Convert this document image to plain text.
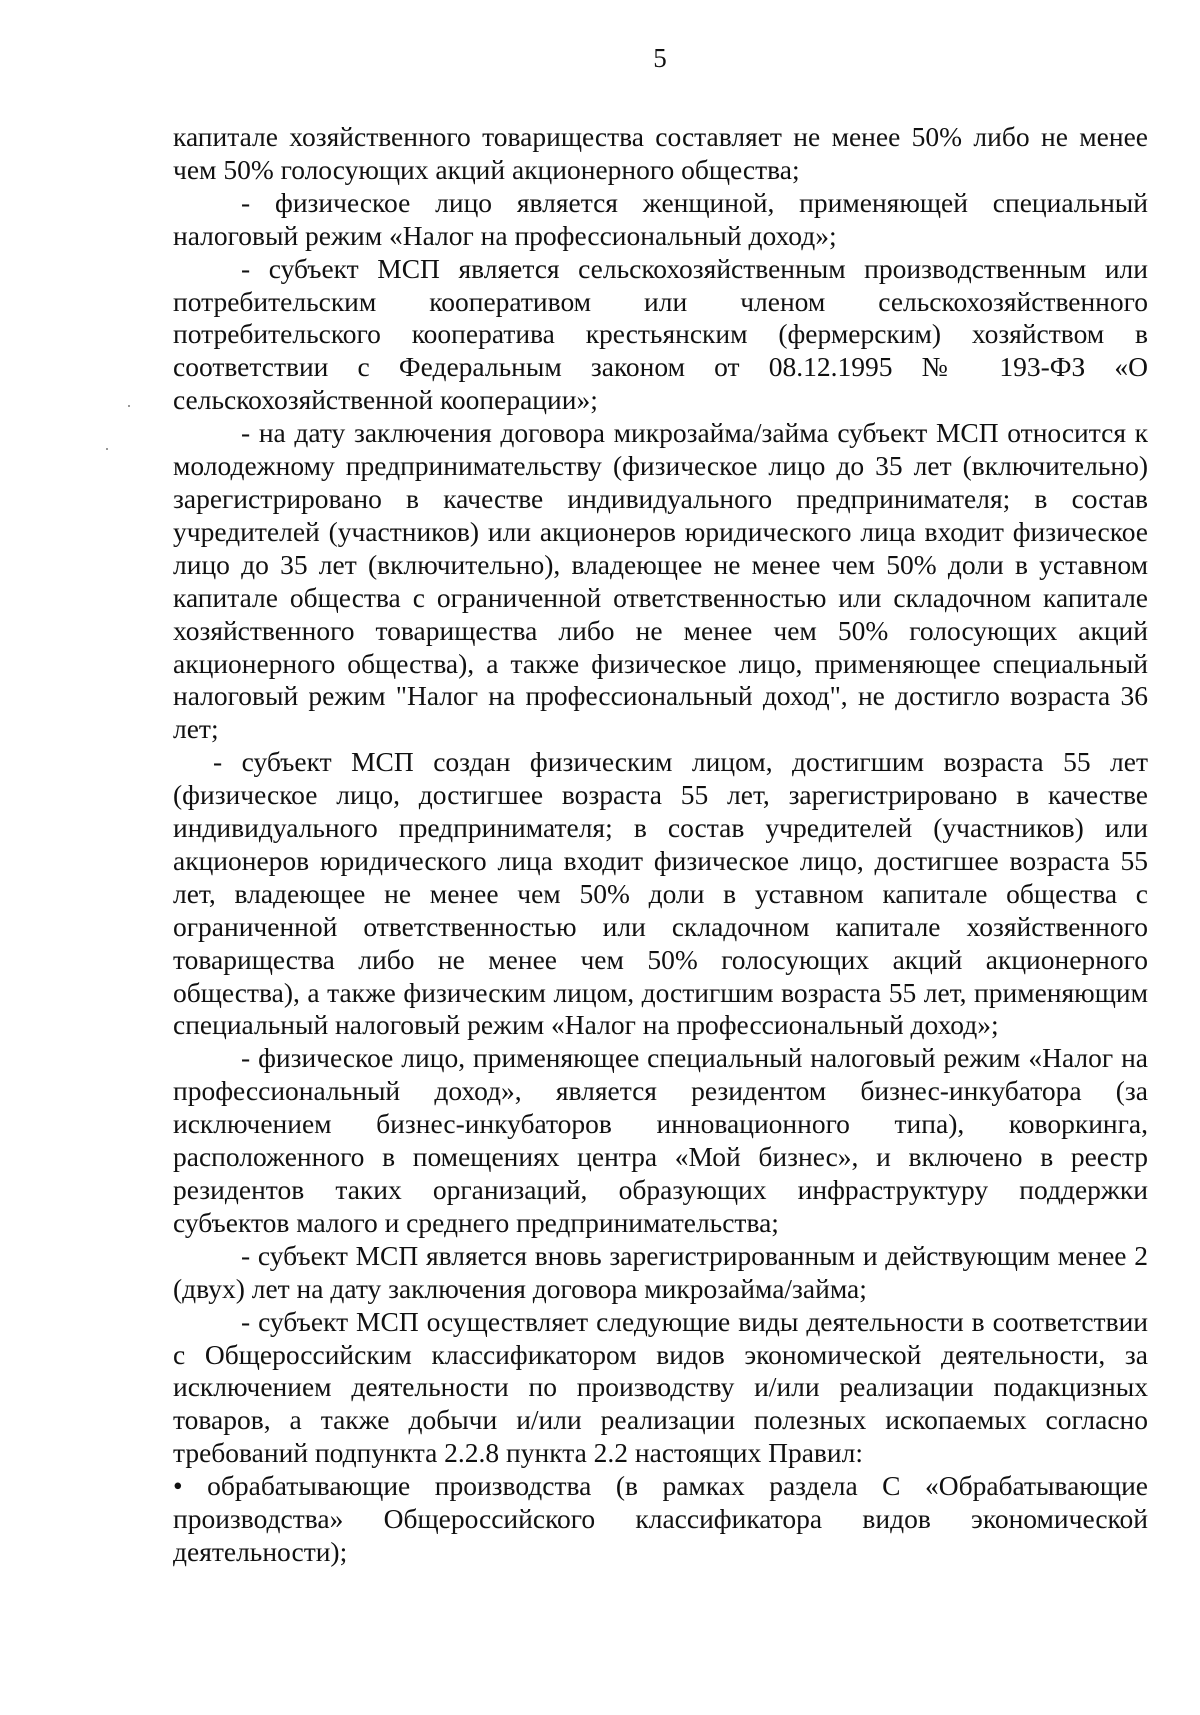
5

капитале хозяйственного товарищества составляет не менее 50% либо не менее чем 50% голосующих акций акционерного общества;

- физическое лицо является женщиной, применяющей специальный налоговый режим «Налог на профессиональный доход»;

- субъект МСП является сельскохозяйственным производственным или потребительским кооперативом или членом сельскохозяйственного потребительского кооператива крестьянским (фермерским) хозяйством в соответствии с Федеральным законом от 08.12.1995 № 193-ФЗ «О сельскохозяйственной кооперации»;

- на дату заключения договора микрозайма/займа субъект МСП относится к молодежному предпринимательству (физическое лицо до 35 лет (включительно) зарегистрировано в качестве индивидуального предпринимателя; в состав учредителей (участников) или акционеров юридического лица входит физическое лицо до 35 лет (включительно), владеющее не менее чем 50% доли в уставном капитале общества с ограниченной ответственностью или складочном капитале хозяйственного товарищества либо не менее чем 50% голосующих акций акционерного общества), а также физическое лицо, применяющее специальный налоговый режим "Налог на профессиональный доход", не достигло возраста 36 лет;

- субъект МСП создан физическим лицом, достигшим возраста 55 лет (физическое лицо, достигшее возраста 55 лет, зарегистрировано в качестве индивидуального предпринимателя; в состав учредителей (участников) или акционеров юридического лица входит физическое лицо, достигшее возраста 55 лет, владеющее не менее чем 50% доли в уставном капитале общества с ограниченной ответственностью или складочном капитале хозяйственного товарищества либо не менее чем 50% голосующих акций акционерного общества), а также физическим лицом, достигшим возраста 55 лет, применяющим специальный налоговый режим «Налог на профессиональный доход»;

- физическое лицо, применяющее специальный налоговый режим «Налог на профессиональный доход», является резидентом бизнес-инкубатора (за исключением бизнес-инкубаторов инновационного типа), коворкинга, расположенного в помещениях центра «Мой бизнес», и включено в реестр резидентов таких организаций, образующих инфраструктуру поддержки субъектов малого и среднего предпринимательства;

- субъект МСП является вновь зарегистрированным и действующим менее 2 (двух) лет на дату заключения договора микрозайма/займа;

- субъект МСП осуществляет следующие виды деятельности в соответствии с Общероссийским классификатором видов экономической деятельности, за исключением деятельности по производству и/или реализации подакцизных товаров, а также добычи и/или реализации полезных ископаемых согласно требований подпункта 2.2.8 пункта 2.2 настоящих Правил:

• обрабатывающие производства (в рамках раздела С «Обрабатывающие производства» Общероссийского классификатора видов экономической деятельности);
